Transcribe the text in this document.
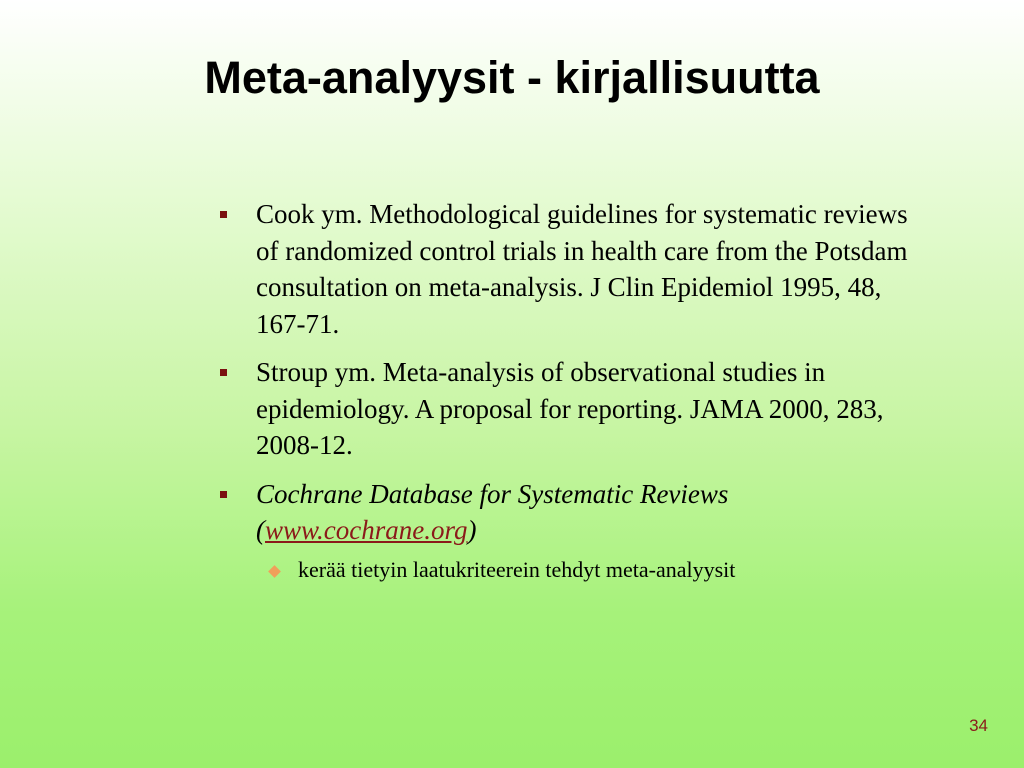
Meta-analyysit - kirjallisuutta
Cook ym. Methodological guidelines for systematic reviews of randomized control trials in health care from the Potsdam consultation on meta-analysis. J Clin Epidemiol 1995, 48, 167-71.
Stroup ym. Meta-analysis of observational studies in epidemiology. A proposal for reporting. JAMA 2000, 283, 2008-12.
Cochrane Database for Systematic Reviews
(www.cochrane.org)
kerää tietyin laatukriteerein tehdyt meta-analyysit
34
